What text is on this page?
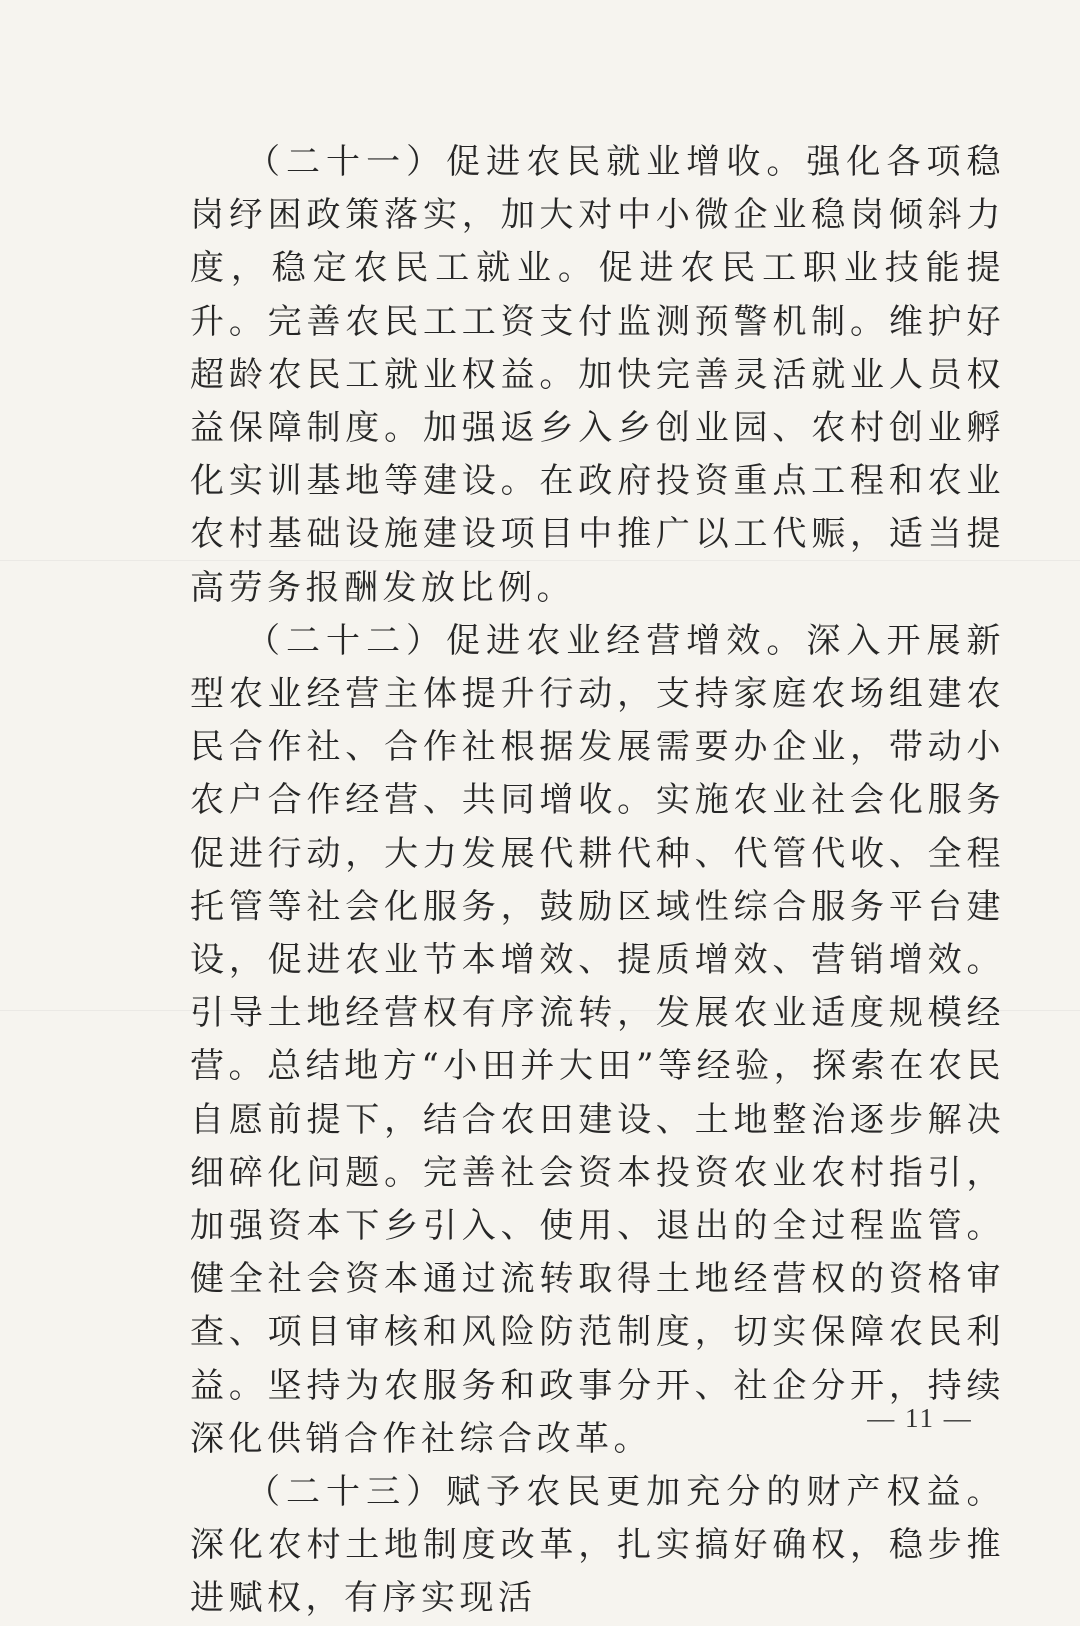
（二十一）促进农民就业增收。强化各项稳岗纾困政策落实，加大对中小微企业稳岗倾斜力度，稳定农民工就业。促进农民工职业技能提升。完善农民工工资支付监测预警机制。维护好超龄农民工就业权益。加快完善灵活就业人员权益保障制度。加强返乡入乡创业园、农村创业孵化实训基地等建设。在政府投资重点工程和农业农村基础设施建设项目中推广以工代赈，适当提高劳务报酬发放比例。

（二十二）促进农业经营增效。深入开展新型农业经营主体提升行动，支持家庭农场组建农民合作社、合作社根据发展需要办企业，带动小农户合作经营、共同增收。实施农业社会化服务促进行动，大力发展代耕代种、代管代收、全程托管等社会化服务，鼓励区域性综合服务平台建设，促进农业节本增效、提质增效、营销增效。引导土地经营权有序流转，发展农业适度规模经营。总结地方“小田并大田”等经验，探索在农民自愿前提下，结合农田建设、土地整治逐步解决细碎化问题。完善社会资本投资农业农村指引，加强资本下乡引入、使用、退出的全过程监管。健全社会资本通过流转取得土地经营权的资格审查、项目审核和风险防范制度，切实保障农民利益。坚持为农服务和政事分开、社企分开，持续深化供销合作社综合改革。

（二十三）赋予农民更加充分的财产权益。深化农村土地制度改革，扎实搞好确权，稳步推进赋权，有序实现活

— 11 —
